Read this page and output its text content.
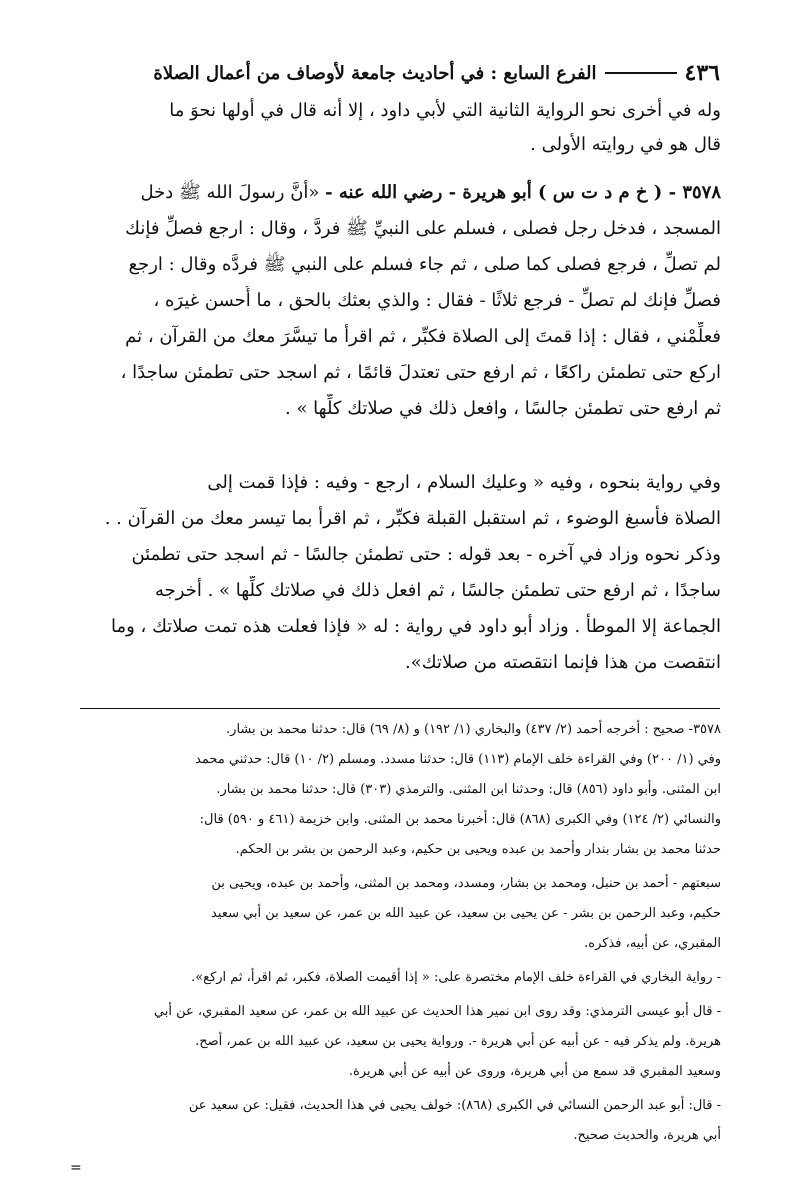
٤٣٦
الفرع السابع : في أحاديث جامعة لأوصاف من أعمال الصلاة
وله في أخرى نحو الرواية الثانية التي لأبي داود ، إلا أنه قال في أولها نحوَ ما
قال هو في روايته الأولى .
٣٥٧٨ - ( خ م د ت س ) أبو هريرة - رضي الله عنه - «أنَّ رسولَ الله ﷺ دخل
المسجد ، فدخل رجل فصلى ، فسلم على النبيِّ ﷺ فردَّ ، وقال : ارجع فصلِّ فإنك
لم تصلِّ ، فرجع فصلى كما صلى ، ثم جاء فسلم على النبي ﷺ فردَّه وقال : ارجع
فصلِّ فإنك لم تصلِّ - فرجع ثلاثًا - فقال : والذي بعثك بالحق ، ما أُحسن غيرَه ،
فعلِّمْني ، فقال : إذا قمتَ إلى الصلاة فكبِّر ، ثم اقرأ ما تيسَّرَ معك من القرآن ، ثم
اركع حتى تطمئن راكعًا ، ثم ارفع حتى تعتدلَ قائمًا ، ثم اسجد حتى تطمئن ساجدًا ،
ثم ارفع حتى تطمئن جالسًا ، وافعل ذلك في صلاتك كلِّها » .
وفي رواية بنحوه ، وفيه « وعليك السلام ، ارجع - وفيه : فإذا قمت إلى
الصلاة فأسبغ الوضوء ، ثم استقبل القبلة فكبِّر ، ثم اقرأ بما تيسر معك من القرآن . .
وذكر نحوه وزاد في آخره - بعد قوله : حتى تطمئن جالسًا - ثم اسجد حتى تطمئن
ساجدًا ، ثم ارفع حتى تطمئن جالسًا ، ثم افعل ذلك في صلاتك كلِّها » . أخرجه
الجماعة إلا الموطأ . وزاد أبو داود في رواية : له « فإذا فعلت هذه تمت صلاتك ، وما
انتقصت من هذا فإنما انتقصته من صلاتك».
٣٥٧٨- صحيح : أخرجه أحمد (٢/ ٤٣٧) والبخاري (١/ ١٩٢) و (٨/ ٦٩) قال: حدثنا محمد بن بشار.
وفي (١/ ٢٠٠) وفي القراءة خلف الإمام (١١٣) قال: حدثنا مسدد. ومسلم (٢/ ١٠) قال: حدثني محمد
ابن المثنى. وأبو داود (٨٥٦) قال: وحدثنا ابن المثنى. والترمذي (٣٠٣) قال: حدثنا محمد بن بشار.
والنسائي (٢/ ١٢٤) وفي الكبرى (٨٦٨) قال: أخبرنا محمد بن المثنى. وابن خزيمة (٤٦١ و ٥٩٠) قال:
حدثنا محمد بن بشار بندار وأحمد بن عبده ويحيى بن حكيم، وعبد الرحمن بن بشر بن الحكم.
سبعتهم - أحمد بن حنبل، ومحمد بن بشار، ومسدد، ومحمد بن المثنى، وأحمد بن عبده، ويحيى بن
حكيم، وعبد الرحمن بن بشر - عن يحيى بن سعيد، عن عبيد الله بن عمر، عن سعيد بن أبي سعيد
المقبري، عن أبيه، فذكره.
- رواية البخاري في القراءة خلف الإمام مختصرة على: « إذا أقيمت الصلاة، فكبر، ثم اقرأ، ثم اركع».
- قال أبو عيسى الترمذي: وقد روى ابن نمير هذا الحديث عن عبيد الله بن عمر، عن سعيد المقبري، عن أبي
هريرة. ولم يذكر فيه - عن أبيه عن أبي هريرة -. ورواية يحيى بن سعيد، عن عبيد الله بن عمر، أصح.
وسعيد المقبري قد سمع من أبي هريرة، وروى عن أبيه عن أبي هريرة.
- قال: أبو عبد الرحمن النسائي في الكبرى (٨٦٨): خولف يحيى في هذا الحديث، فقيل: عن سعيد عن
أبي هريرة، والحديث صحيح.
=
